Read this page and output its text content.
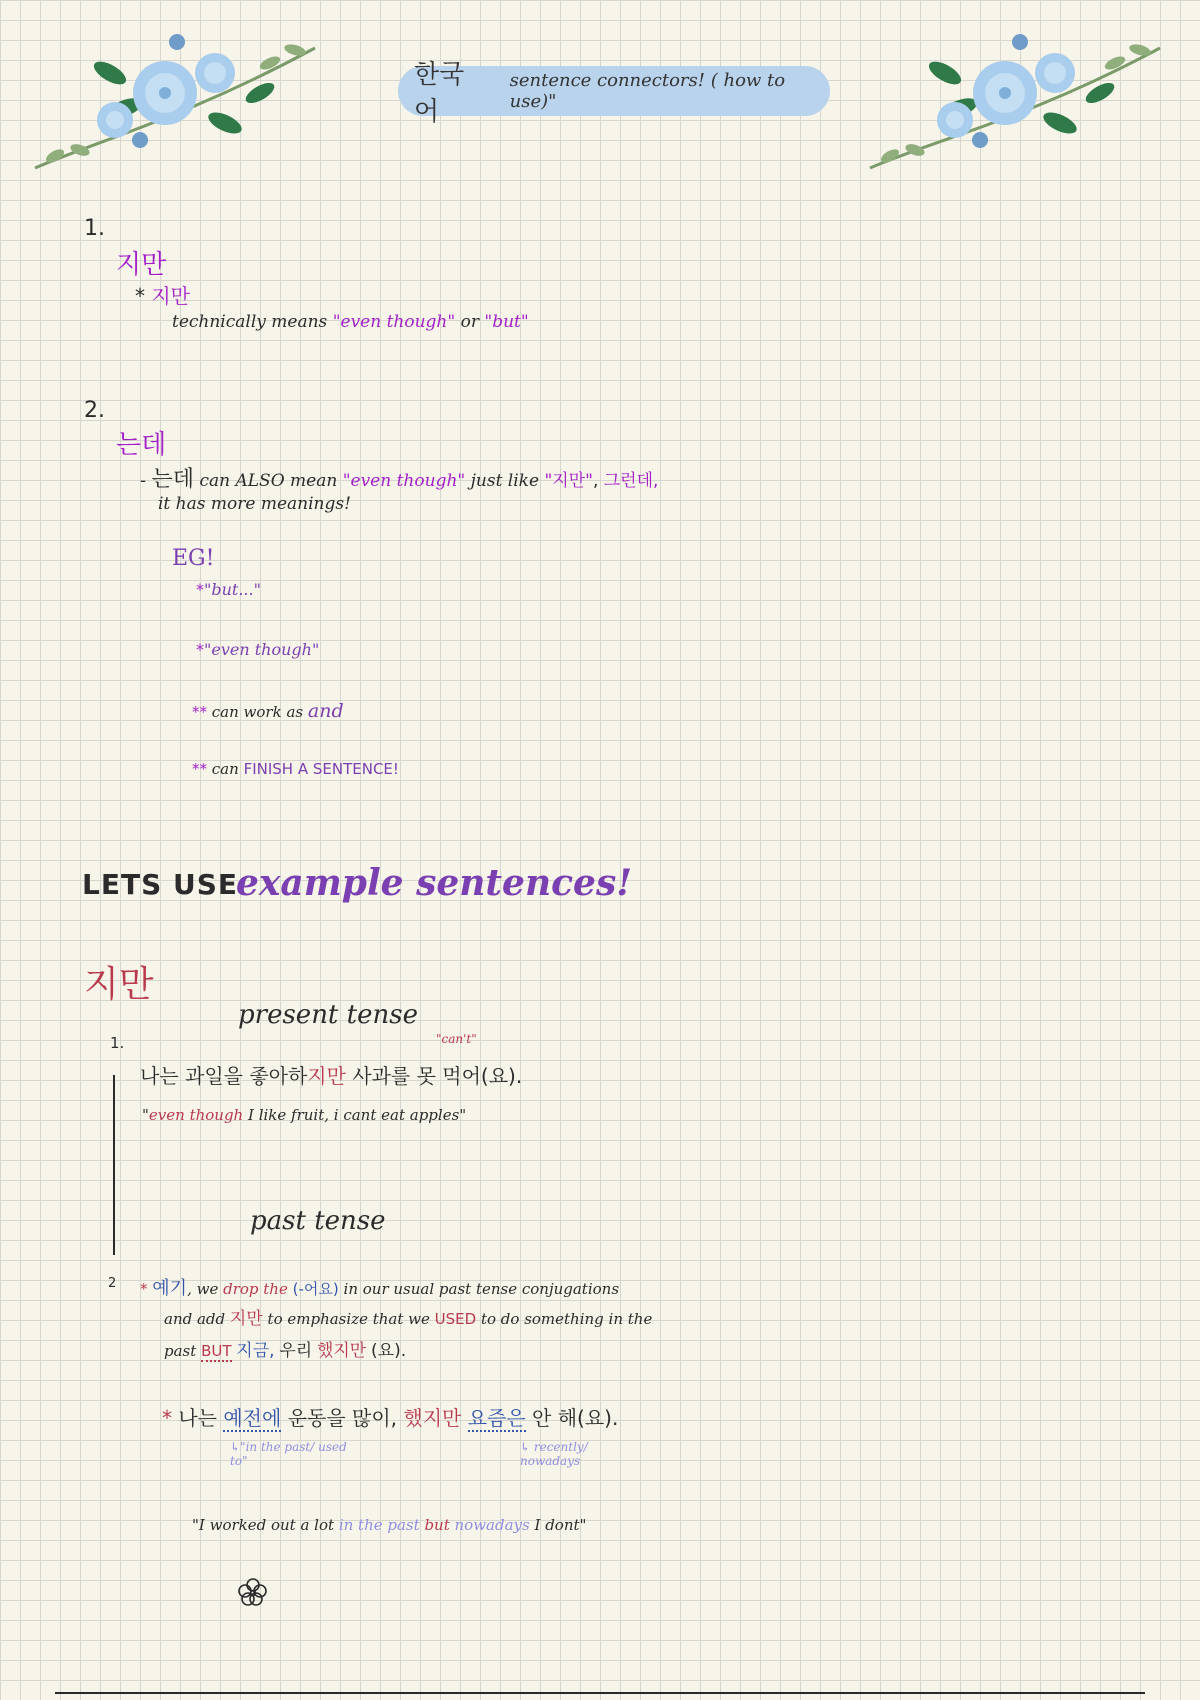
한국어
sentence connectors! ( how to use)"
1.
지만
* 지만
technically means "even though" or "but"
2.
는데
- 는데 can ALSO mean "even though" just like "지만", 그런데,
it has more meanings!
EG!
*"but..."
*"even though"
** can work as and
** can FINISH A SENTENCE!
LETS USE
example sentences!
지만
present tense
1.	"can't"
나는 과일을 좋아하지만 사과를 못 먹어(요).
"even though I like fruit, i cant eat apples"
past tense
2 * 예기, we drop the (-어요) in our usual past tense conjugations
and add 지만 to emphasize that we USED to do something in the
past BUT 지금, 우리 했지만 (요).
* 나는 예전에 운동을 많이, 했지만 요즘은 안 해(요).
↳"in the past/ used to"
↳ recently/ nowadays
"I worked out a lot in the past but nowadays I dont"
